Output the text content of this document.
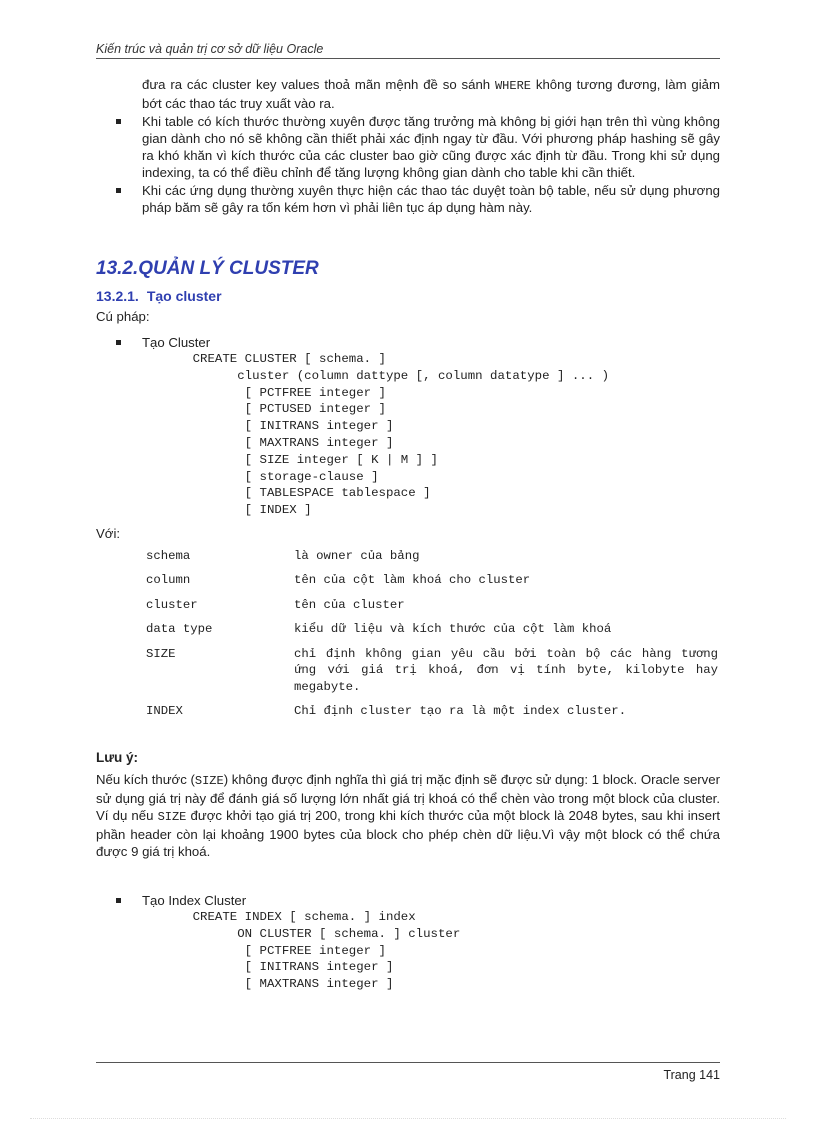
Kiến trúc và quản trị cơ sở dữ liệu Oracle
đưa ra các cluster key values thoả mãn mệnh đề so sánh WHERE không tương đương, làm giảm bớt các thao tác truy xuất vào ra.
Khi table có kích thước thường xuyên được tăng trưởng mà không bị giới hạn trên thì vùng không gian dành cho nó sẽ không cần thiết phải xác định ngay từ đầu. Với phương pháp hashing sẽ gây ra khó khăn vì kích thước của các cluster bao giờ cũng được xác định từ đầu. Trong khi sử dụng indexing, ta có thể điều chỉnh để tăng lượng không gian dành cho table khi cần thiết.
Khi các ứng dụng thường xuyên thực hiện các thao tác duyệt toàn bộ table, nếu sử dụng phương pháp băm sẽ gây ra tốn kém hơn vì phải liên tục áp dụng hàm này.
13.2.QUẢN LÝ CLUSTER
13.2.1. Tạo cluster
Cú pháp:
Tạo Cluster
CREATE CLUSTER [ schema. ]
cluster (column dattype [, column datatype ] ... )
[ PCTFREE integer ]
[ PCTUSED integer ]
[ INITRANS integer ]
[ MAXTRANS integer ]
[ SIZE integer [ K | M ] ]
[ storage-clause ]
[ TABLESPACE tablespace ]
[ INDEX ]
Với:
schema	là owner của bảng
column	tên của cột làm khoá cho cluster
cluster	tên của cluster
data type	kiểu dữ liệu và kích thước của cột làm khoá
SIZE	chỉ định không gian yêu cầu bởi toàn bộ các hàng tương ứng với giá trị khoá, đơn vị tính byte, kilobyte hay megabyte.
INDEX	Chỉ định cluster tạo ra là một index cluster.
Lưu ý:
Nếu kích thước (SIZE) không được định nghĩa thì giá trị mặc định sẽ được sử dụng: 1 block. Oracle server sử dụng giá trị này để đánh giá số lượng lớn nhất giá trị khoá có thể chèn vào trong một block của cluster. Ví dụ nếu SIZE được khởi tạo giá trị 200, trong khi kích thước của một block là 2048 bytes, sau khi insert phần header còn lại khoảng 1900 bytes của block cho phép chèn dữ liệu.Vì vậy một block có thể chứa được 9 giá trị khoá.
Tạo Index Cluster
CREATE INDEX [ schema. ] index
ON CLUSTER [ schema. ] cluster
[ PCTFREE integer ]
[ INITRANS integer ]
[ MAXTRANS integer ]
Trang 141
